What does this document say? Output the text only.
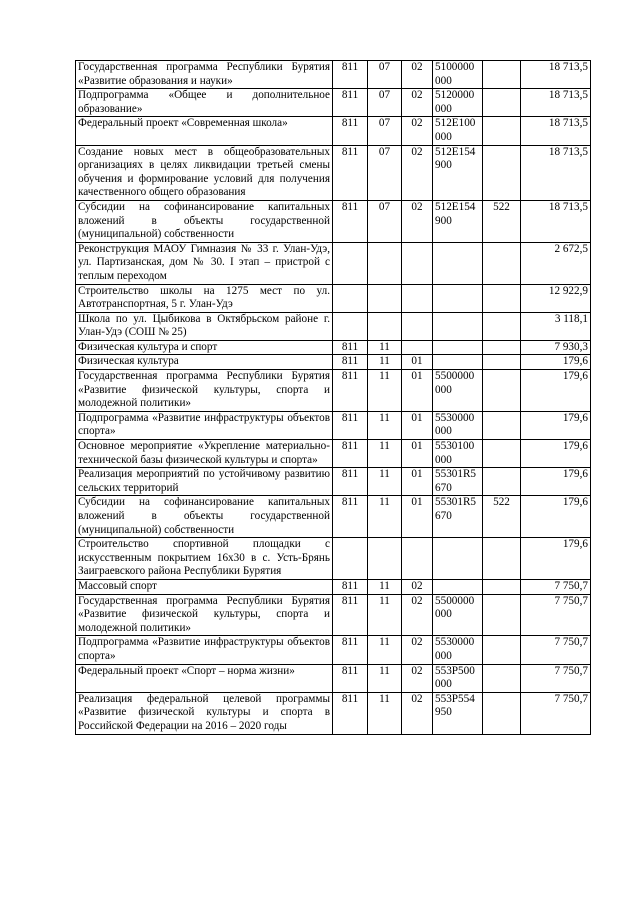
Государственная программа Республики Бурятия «Развитие образования и науки»	811	07	02	5100000 000		18 713,5
Подпрограмма «Общее и дополнительное образование»	811	07	02	5120000 000		18 713,5
Федеральный проект «Современная школа»	811	07	02	512E100 000		18 713,5
Создание новых мест в общеобразовательных организациях в целях ликвидации третьей смены обучения и формирование условий для получения качественного общего образования	811	07	02	512E154 900		18 713,5
Субсидии на софинансирование капитальных вложений в объекты государственной (муниципальной) собственности	811	07	02	512E154 900	522	18 713,5
Реконструкция МАОУ Гимназия № 33 г. Улан-Удэ, ул. Партизанская, дом № 30. I этап – пристрой с теплым переходом						2 672,5
Строительство школы на 1275 мест по ул. Автотранспортная, 5 г. Улан-Удэ						12 922,9
Школа по ул. Цыбикова в Октябрьском районе г. Улан-Удэ (СОШ № 25)						3 118,1
Физическая культура и спорт	811	11				7 930,3
Физическая культура	811	11	01			179,6
Государственная программа Республики Бурятия «Развитие физической культуры, спорта и молодежной политики»	811	11	01	5500000 000		179,6
Подпрограмма «Развитие инфраструктуры объектов спорта»	811	11	01	5530000 000		179,6
Основное мероприятие «Укрепление материально-технической базы физической культуры и спорта»	811	11	01	5530100 000		179,6
Реализация мероприятий по устойчивому развитию сельских территорий	811	11	01	55301R5 670		179,6
Субсидии на софинансирование капитальных вложений в объекты государственной (муниципальной) собственности	811	11	01	55301R5 670	522	179,6
Строительство спортивной площадки с искусственным покрытием 16x30 в с. Усть-Брянь Заиграевского района Республики Бурятия						179,6
Массовый спорт	811	11	02			7 750,7
Государственная программа Республики Бурятия «Развитие физической культуры, спорта и молодежной политики»	811	11	02	5500000 000		7 750,7
Подпрограмма «Развитие инфраструктуры объектов спорта»	811	11	02	5530000 000		7 750,7
Федеральный проект «Спорт – норма жизни»	811	11	02	553P500 000		7 750,7
Реализация федеральной целевой программы «Развитие физической культуры и спорта в Российской Федерации на 2016 – 2020 годы	811	11	02	553P554 950		7 750,7
